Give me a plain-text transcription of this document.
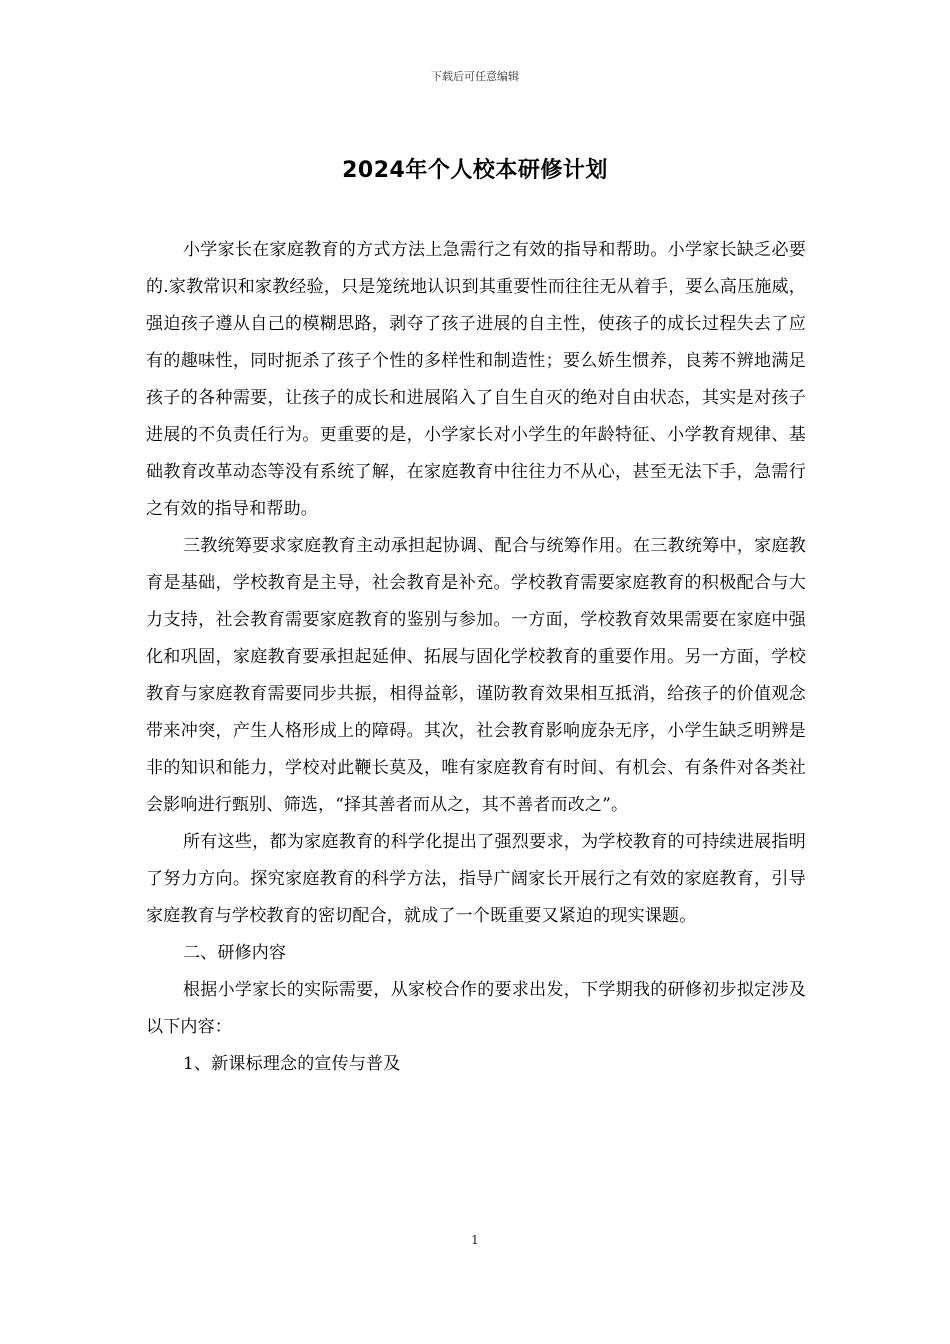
下载后可任意编辑
2024年个人校本研修计划

小学家长在家庭教育的方式方法上急需行之有效的指导和帮助。小学家长缺乏必要的.家教常识和家教经验，只是笼统地认识到其重要性而往往无从着手，要么高压施威，强迫孩子遵从自己的模糊思路，剥夺了孩子进展的自主性，使孩子的成长过程失去了应有的趣味性，同时扼杀了孩子个性的多样性和制造性；要么娇生惯养，良莠不辨地满足孩子的各种需要，让孩子的成长和进展陷入了自生自灭的绝对自由状态，其实是对孩子进展的不负责任行为。更重要的是，小学家长对小学生的年龄特征、小学教育规律、基础教育改革动态等没有系统了解，在家庭教育中往往力不从心，甚至无法下手，急需行之有效的指导和帮助。

三教统筹要求家庭教育主动承担起协调、配合与统筹作用。在三教统筹中，家庭教育是基础，学校教育是主导，社会教育是补充。学校教育需要家庭教育的积极配合与大力支持，社会教育需要家庭教育的鉴别与参加。一方面，学校教育效果需要在家庭中强化和巩固，家庭教育要承担起延伸、拓展与固化学校教育的重要作用。另一方面，学校教育与家庭教育需要同步共振，相得益彰，谨防教育效果相互抵消，给孩子的价值观念带来冲突，产生人格形成上的障碍。其次，社会教育影响庞杂无序，小学生缺乏明辨是非的知识和能力，学校对此鞭长莫及，唯有家庭教育有时间、有机会、有条件对各类社会影响进行甄别、筛选，“择其善者而从之，其不善者而改之”。

所有这些，都为家庭教育的科学化提出了强烈要求，为学校教育的可持续进展指明了努力方向。探究家庭教育的科学方法，指导广阔家长开展行之有效的家庭教育，引导家庭教育与学校教育的密切配合，就成了一个既重要又紧迫的现实课题。

二、研修内容

根据小学家长的实际需要，从家校合作的要求出发，下学期我的研修初步拟定涉及以下内容：

1、新课标理念的宣传与普及

1
